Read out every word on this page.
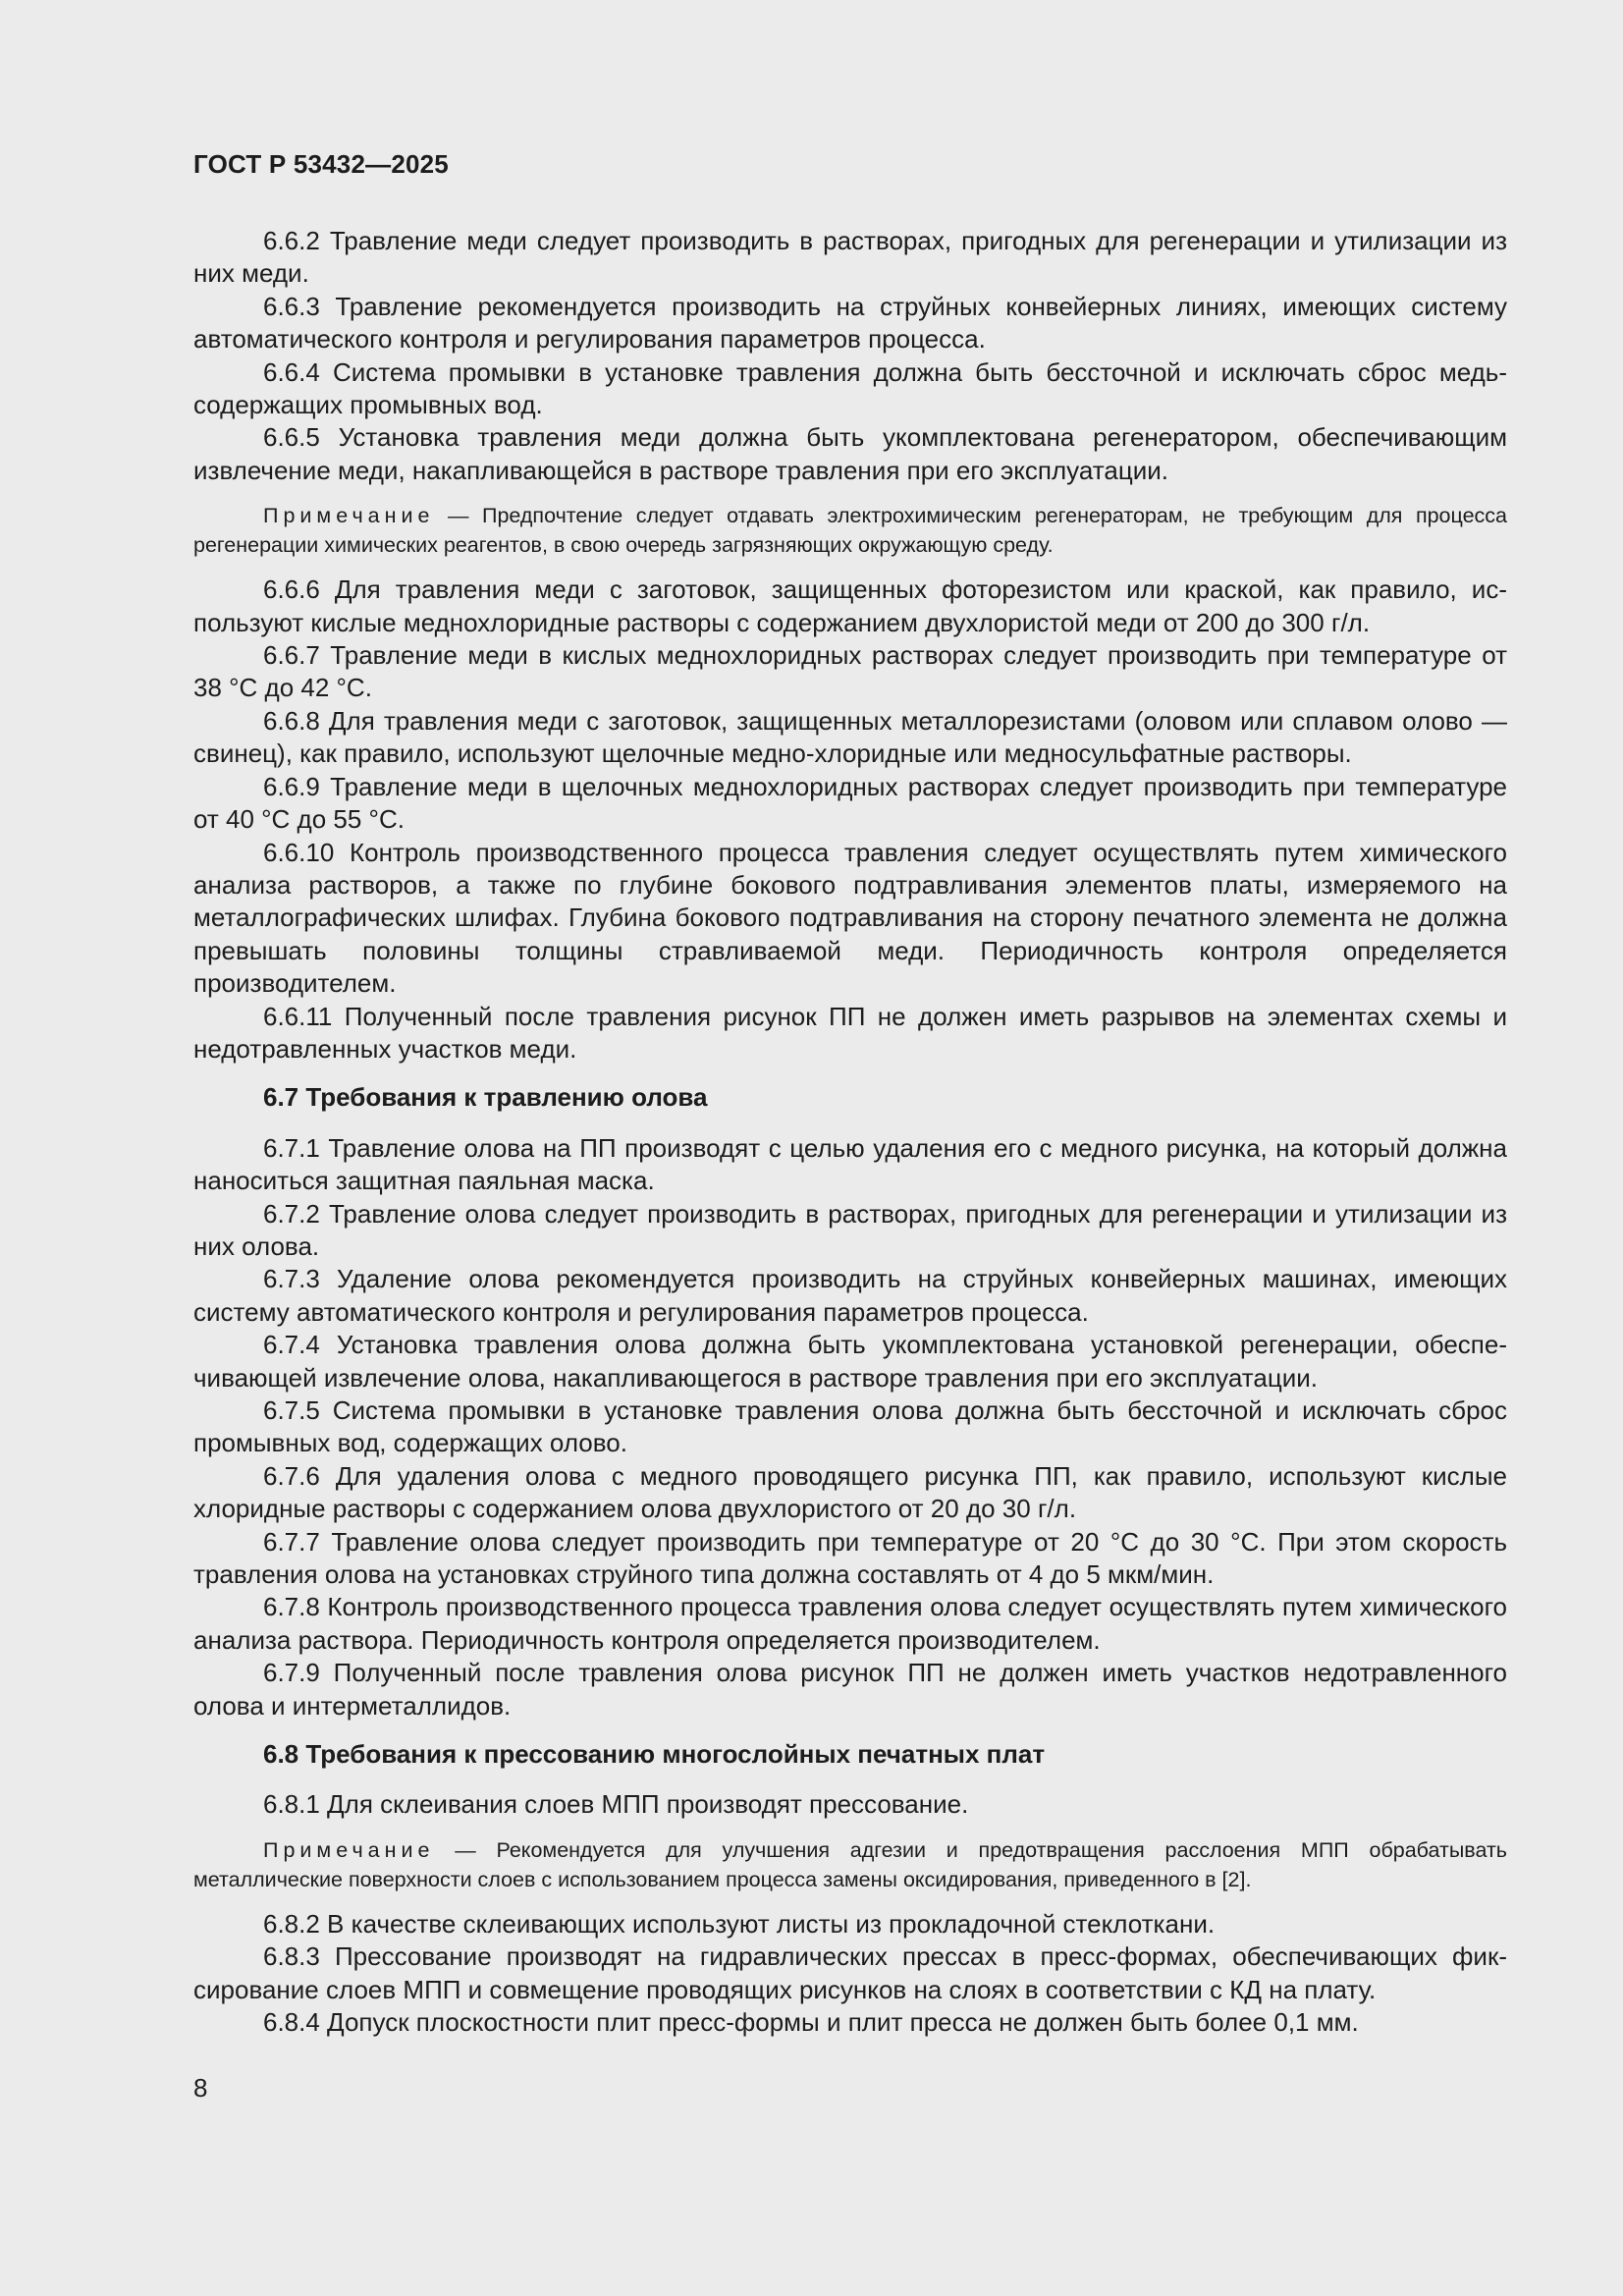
ГОСТ Р 53432—2025

6.6.2 Травление меди следует производить в растворах, пригодных для регенерации и утилизации из них меди.

6.6.3 Травление рекомендуется производить на струйных конвейерных линиях, имеющих систему автоматического контроля и регулирования параметров процесса.

6.6.4 Система промывки в установке травления должна быть бессточной и исключать сброс медьсодержащих промывных вод.

6.6.5 Установка травления меди должна быть укомплектована регенератором, обеспечивающим извлечение меди, накапливающейся в растворе травления при его эксплуатации.

Примечание — Предпочтение следует отдавать электрохимическим регенераторам, не требующим для процесса регенерации химических реагентов, в свою очередь загрязняющих окружающую среду.

6.6.6 Для травления меди с заготовок, защищенных фоторезистом или краской, как правило, используют кислые меднохлоридные растворы с содержанием двухлористой меди от 200 до 300 г/л.

6.6.7 Травление меди в кислых меднохлоридных растворах следует производить при температуре от 38 °С до 42 °С.

6.6.8 Для травления меди с заготовок, защищенных металлорезистами (оловом или сплавом олово — свинец), как правило, используют щелочные медно-хлоридные или медносульфатные растворы.

6.6.9 Травление меди в щелочных меднохлоридных растворах следует производить при температуре от 40 °С до 55 °С.

6.6.10 Контроль производственного процесса травления следует осуществлять путем химического анализа растворов, а также по глубине бокового подтравливания элементов платы, измеряемого на металлографических шлифах. Глубина бокового подтравливания на сторону печатного элемента не должна превышать половины толщины стравливаемой меди. Периодичность контроля определяется производителем.

6.6.11 Полученный после травления рисунок ПП не должен иметь разрывов на элементах схемы и недотравленных участков меди.

6.7 Требования к травлению олова

6.7.1 Травление олова на ПП производят с целью удаления его с медного рисунка, на который должна наноситься защитная паяльная маска.

6.7.2 Травление олова следует производить в растворах, пригодных для регенерации и утилизации из них олова.

6.7.3 Удаление олова рекомендуется производить на струйных конвейерных машинах, имеющих систему автоматического контроля и регулирования параметров процесса.

6.7.4 Установка травления олова должна быть укомплектована установкой регенерации, обеспечивающей извлечение олова, накапливающегося в растворе травления при его эксплуатации.

6.7.5 Система промывки в установке травления олова должна быть бессточной и исключать сброс промывных вод, содержащих олово.

6.7.6 Для удаления олова с медного проводящего рисунка ПП, как правило, используют кислые хлоридные растворы с содержанием олова двухлористого от 20 до 30 г/л.

6.7.7 Травление олова следует производить при температуре от 20 °С до 30 °С. При этом скорость травления олова на установках струйного типа должна составлять от 4 до 5 мкм/мин.

6.7.8 Контроль производственного процесса травления олова следует осуществлять путем химического анализа раствора. Периодичность контроля определяется производителем.

6.7.9 Полученный после травления олова рисунок ПП не должен иметь участков недотравленного олова и интерметаллидов.

6.8 Требования к прессованию многослойных печатных плат

6.8.1 Для склеивания слоев МПП производят прессование.

Примечание — Рекомендуется для улучшения адгезии и предотвращения расслоения МПП обрабатывать металлические поверхности слоев с использованием процесса замены оксидирования, приведенного в [2].

6.8.2 В качестве склеивающих используют листы из прокладочной стеклоткани.

6.8.3 Прессование производят на гидравлических прессах в пресс-формах, обеспечивающих фиксирование слоев МПП и совмещение проводящих рисунков на слоях в соответствии с КД на плату.

6.8.4 Допуск плоскостности плит пресс-формы и плит пресса не должен быть более 0,1 мм.

8
